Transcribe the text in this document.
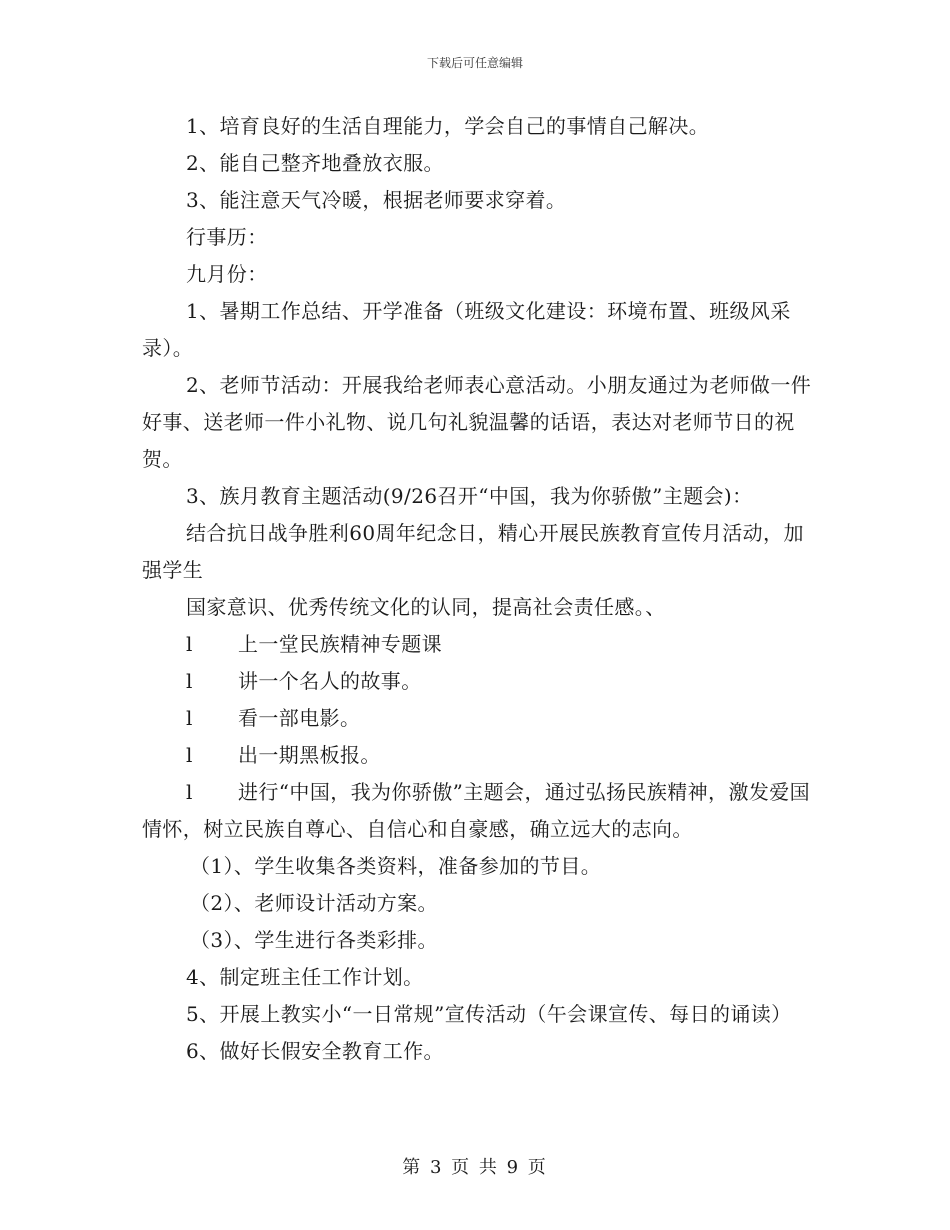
下载后可任意编辑

1、培育良好的生活自理能力，学会自己的事情自己解决。

2、能自己整齐地叠放衣服。

3、能注意天气冷暖，根据老师要求穿着。

行事历：

九月份：

1、暑期工作总结、开学准备（班级文化建设：环境布置、班级风采录）。

2、老师节活动：开展我给老师表心意活动。小朋友通过为老师做一件好事、送老师一件小礼物、说几句礼貌温馨的话语，表达对老师节日的祝贺。

3、族月教育主题活动(9/26召开“中国，我为你骄傲”主题会)：

结合抗日战争胜利60周年纪念日，精心开展民族教育宣传月活动，加强学生

国家意识、优秀传统文化的认同，提高社会责任感。、

l 上一堂民族精神专题课

l 讲一个名人的故事。

l 看一部电影。

l 出一期黑板报。

l 进行“中国，我为你骄傲”主题会，通过弘扬民族精神，激发爱国情怀，树立民族自尊心、自信心和自豪感，确立远大的志向。

（1）、学生收集各类资料，准备参加的节目。

（2）、老师设计活动方案。

（3）、学生进行各类彩排。

4、制定班主任工作计划。

5、开展上教实小“一日常规”宣传活动（午会课宣传、每日的诵读）

6、做好长假安全教育工作。

第 3 页 共 9 页
